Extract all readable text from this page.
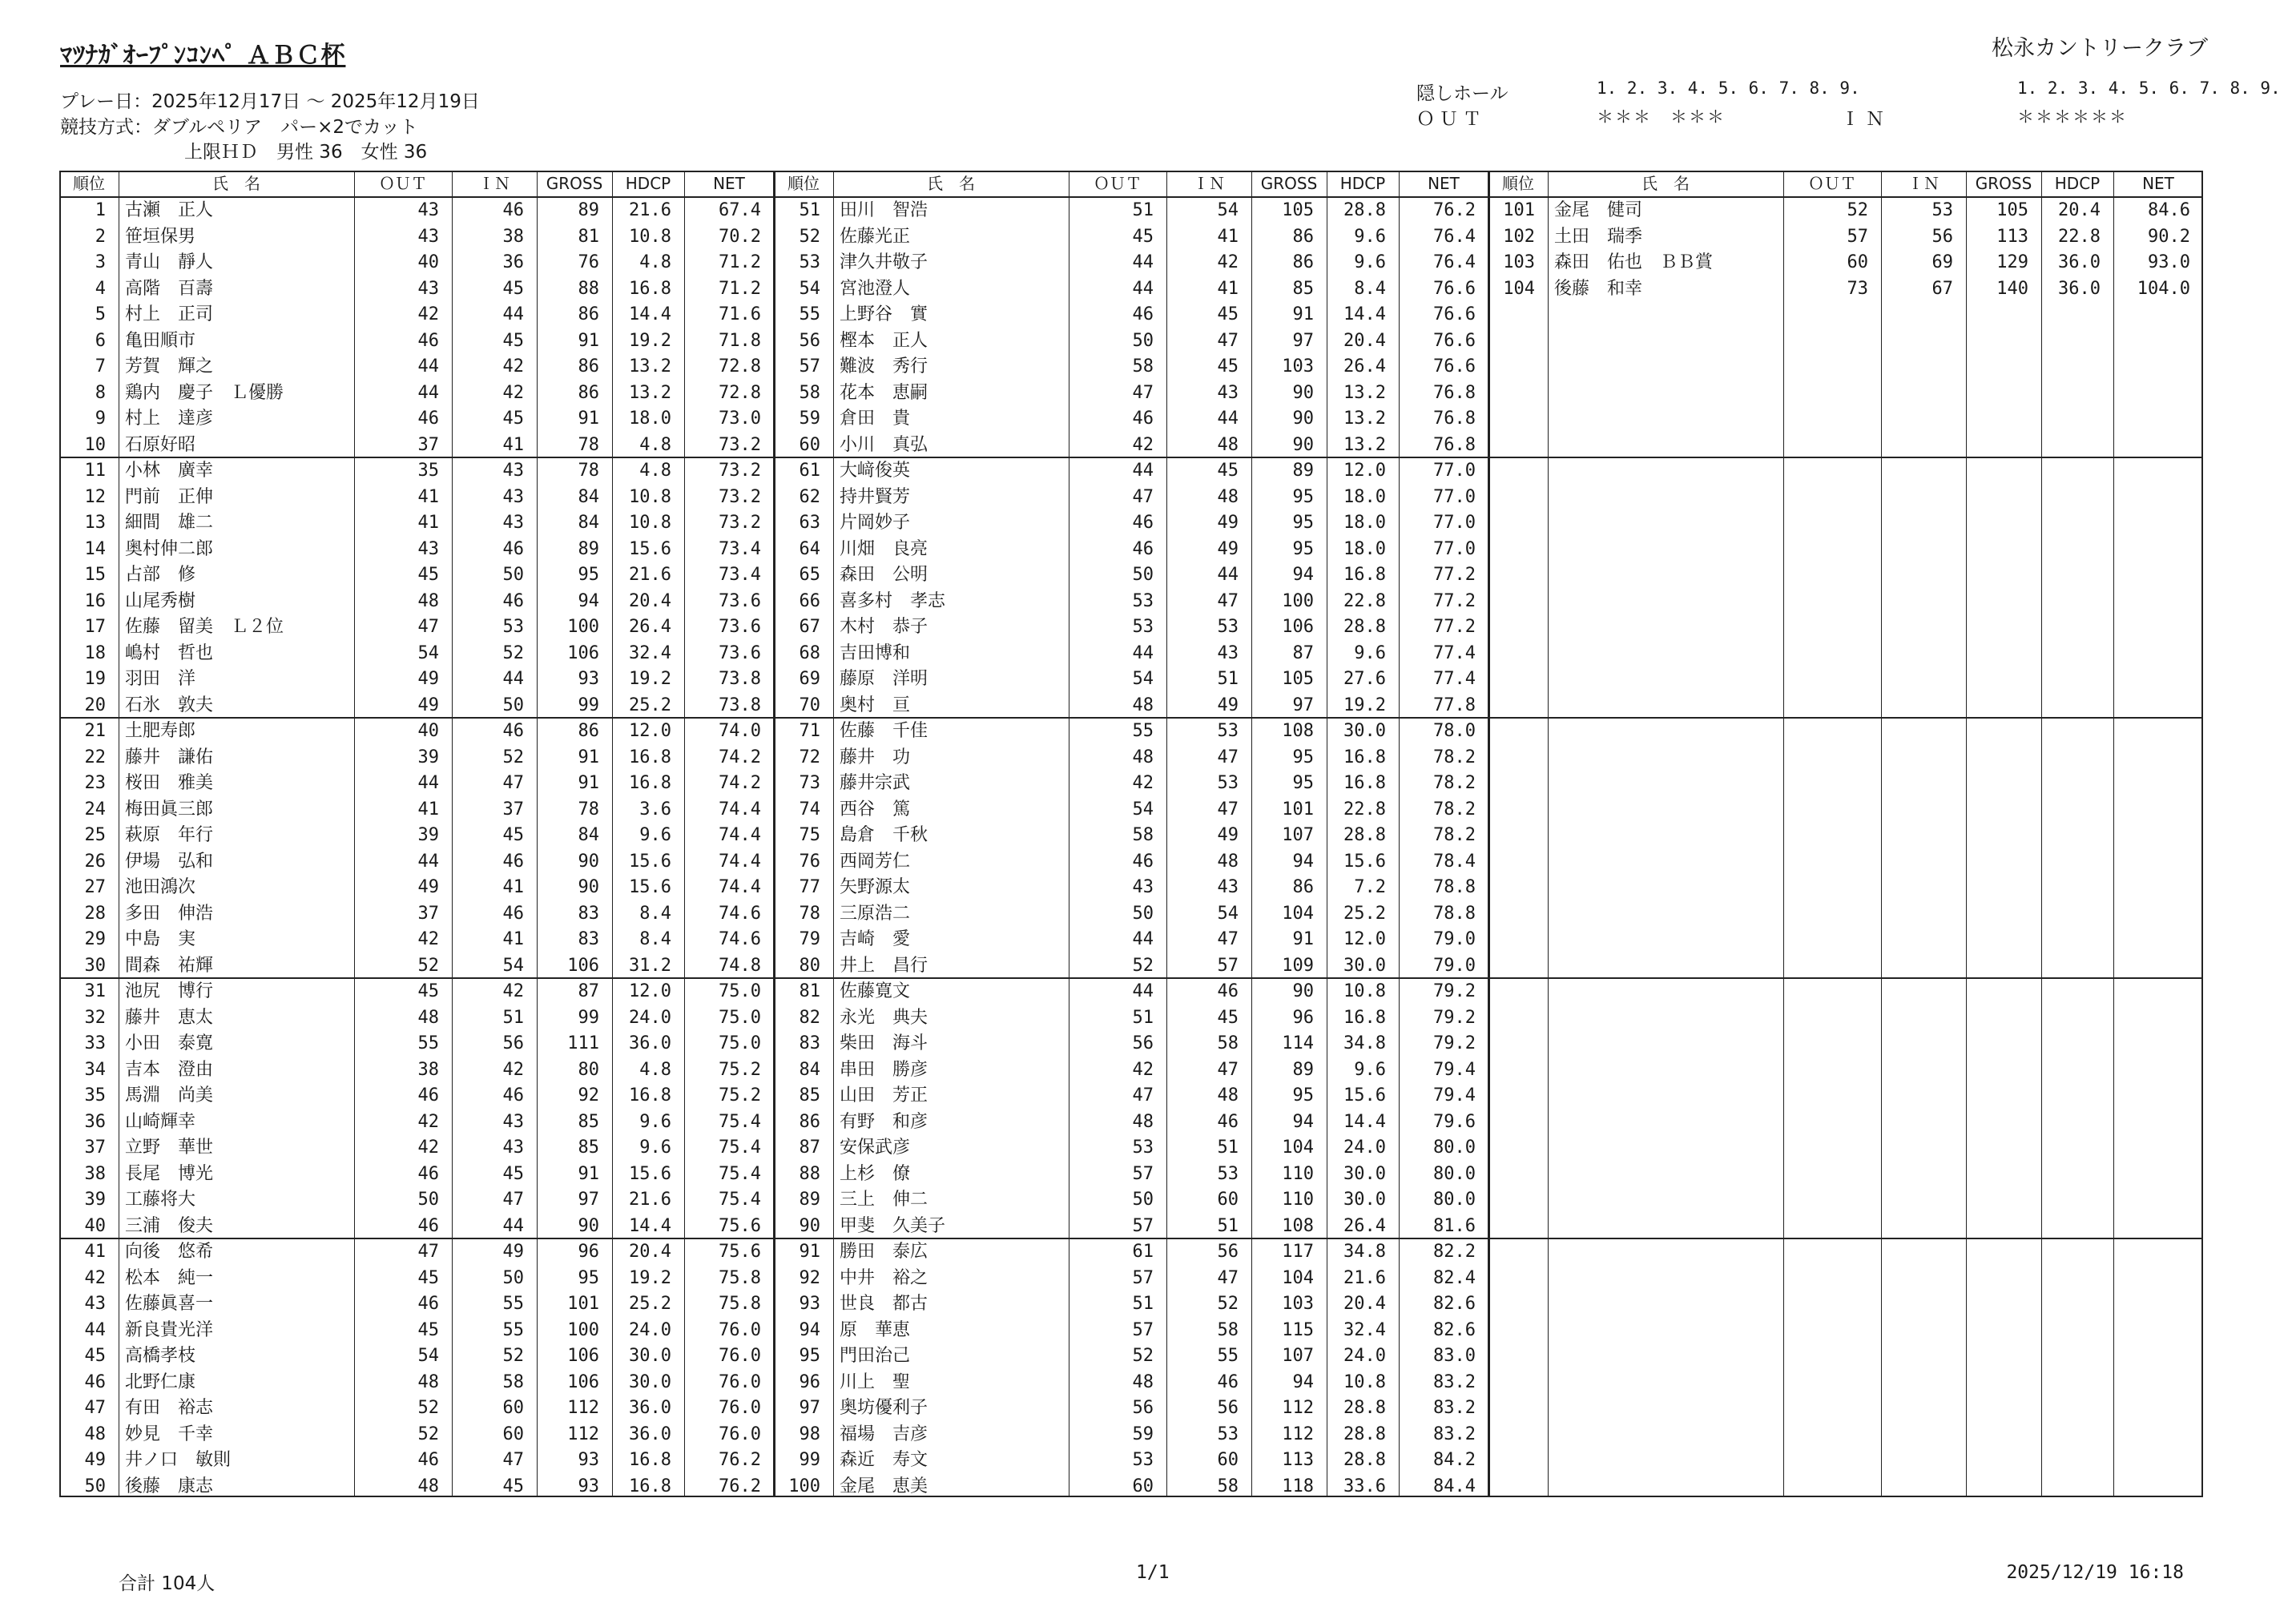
ﾏﾂﾅｶﾞｵｰﾌﾟﾝｺﾝﾍﾟ ＡＢＣ杯	松永カントリークラブ
プレー日：2025年12月17日 ～ 2025年12月19日
競技方式：ダブルペリア　パー×2でカット
上限ＨＤ　男性 36　女性 36
隠しホール
ＯＵＴ
1. 2. 3. 4. 5. 6. 7. 8. 9.
＊＊＊　＊＊＊	ＩＮ
1. 2. 3. 4. 5. 6. 7. 8. 9.
＊＊＊＊＊＊
順位	氏　名	ＯＵＴ	ＩＮ	GROSS	HDCP	NET	順位	氏　名	ＯＵＴ	ＩＮ	GROSS	HDCP	NET	順位	氏　名	ＯＵＴ	ＩＮ	GROSS	HDCP	NET
1 古瀬　正人	43	46	89	21.6	67.4
2 笹垣保男	43	38	81	10.8	70.2
3 青山　靜人	40	36	76	4.8	71.2
4 高階　百壽	43	45	88	16.8	71.2
5 村上　正司	42	44	86	14.4	71.6
6 亀田順市	46	45	91	19.2	71.8
7 芳賀　輝之	44	42	86	13.2	72.8
8 鶏内　慶子　Ｌ優勝	44	42	86	13.2	72.8
9 村上　達彦	46	45	91	18.0	73.0
10 石原好昭	37	41	78	4.8	73.2
11 小林　廣幸	35	43	78	4.8	73.2
12 門前　正伸	41	43	84	10.8	73.2
13 細間　雄二	41	43	84	10.8	73.2
14 奥村伸二郎	43	46	89	15.6	73.4
15 占部　修	45	50	95	21.6	73.4
16 山尾秀樹	48	46	94	20.4	73.6
17 佐藤　留美　Ｌ２位	47	53	100	26.4	73.6
18 嶋村　哲也	54	52	106	32.4	73.6
19 羽田　洋	49	44	93	19.2	73.8
20 石氷　敦夫	49	50	99	25.2	73.8
21 土肥寿郎	40	46	86	12.0	74.0
22 藤井　謙佑	39	52	91	16.8	74.2
23 桜田　雅美	44	47	91	16.8	74.2
24 梅田眞三郎	41	37	78	3.6	74.4
25 萩原　年行	39	45	84	9.6	74.4
26 伊場　弘和	44	46	90	15.6	74.4
27 池田鴻次	49	41	90	15.6	74.4
28 多田　伸浩	37	46	83	8.4	74.6
29 中島　実	42	41	83	8.4	74.6
30 間森　祐輝	52	54	106	31.2	74.8
31 池尻　博行	45	42	87	12.0	75.0
32 藤井　恵太	48	51	99	24.0	75.0
33 小田　泰寛	55	56	111	36.0	75.0
34 吉本　澄由	38	42	80	4.8	75.2
35 馬淵　尚美	46	46	92	16.8	75.2
36 山崎輝幸	42	43	85	9.6	75.4
37 立野　華世	42	43	85	9.6	75.4
38 長尾　博光	46	45	91	15.6	75.4
39 工藤将大	50	47	97	21.6	75.4
40 三浦　俊夫	46	44	90	14.4	75.6
41 向後　悠希	47	49	96	20.4	75.6
42 松本　純一	45	50	95	19.2	75.8
43 佐藤眞喜一	46	55	101	25.2	75.8
44 新良貴光洋	45	55	100	24.0	76.0
45 高橋孝枝	54	52	106	30.0	76.0
46 北野仁康	48	58	106	30.0	76.0
47 有田　裕志	52	60	112	36.0	76.0
48 妙見　千幸	52	60	112	36.0	76.0
49 井ノ口　敏則	46	47	93	16.8	76.2
50 後藤　康志	48	45	93	16.8	76.2
51 田川　智浩	51	54	105	28.8	76.2
52 佐藤光正	45	41	86	9.6	76.4
53 津久井敬子	44	42	86	9.6	76.4
54 宮池澄人	44	41	85	8.4	76.6
55 上野谷　實	46	45	91	14.4	76.6
56 樫本　正人	50	47	97	20.4	76.6
57 難波　秀行	58	45	103	26.4	76.6
58 花本　恵嗣	47	43	90	13.2	76.8
59 倉田　貴	46	44	90	13.2	76.8
60 小川　真弘	42	48	90	13.2	76.8
61 大﨑俊英	44	45	89	12.0	77.0
62 持井賢芳	47	48	95	18.0	77.0
63 片岡妙子	46	49	95	18.0	77.0
64 川畑　良亮	46	49	95	18.0	77.0
65 森田　公明	50	44	94	16.8	77.2
66 喜多村　孝志	53	47	100	22.8	77.2
67 木村　恭子	53	53	106	28.8	77.2
68 吉田博和	44	43	87	9.6	77.4
69 藤原　洋明	54	51	105	27.6	77.4
70 奥村　亘	48	49	97	19.2	77.8
71 佐藤　千佳	55	53	108	30.0	78.0
72 藤井　功	48	47	95	16.8	78.2
73 藤井宗武	42	53	95	16.8	78.2
74 西谷　篤	54	47	101	22.8	78.2
75 島倉　千秋	58	49	107	28.8	78.2
76 西岡芳仁	46	48	94	15.6	78.4
77 矢野源太	43	43	86	7.2	78.8
78 三原浩二	50	54	104	25.2	78.8
79 吉崎　愛	44	47	91	12.0	79.0
80 井上　昌行	52	57	109	30.0	79.0
81 佐藤寛文	44	46	90	10.8	79.2
82 永光　典夫	51	45	96	16.8	79.2
83 柴田　海斗	56	58	114	34.8	79.2
84 串田　勝彦	42	47	89	9.6	79.4
85 山田　芳正	47	48	95	15.6	79.4
86 有野　和彦	48	46	94	14.4	79.6
87 安保武彦	53	51	104	24.0	80.0
88 上杉　僚	57	53	110	30.0	80.0
89 三上　伸二	50	60	110	30.0	80.0
90 甲斐　久美子	57	51	108	26.4	81.6
91 勝田　泰広	61	56	117	34.8	82.2
92 中井　裕之	57	47	104	21.6	82.4
93 世良　都古	51	52	103	20.4	82.6
94 原　華恵	57	58	115	32.4	82.6
95 門田治己	52	55	107	24.0	83.0
96 川上　聖	48	46	94	10.8	83.2
97 奥坊優利子	56	56	112	28.8	83.2
98 福場　吉彦	59	53	112	28.8	83.2
99 森近　寿文	53	60	113	28.8	84.2
100 金尾　恵美	60	58	118	33.6	84.4
101 金尾　健司	52	53	105	20.4	84.6
102 土田　瑞季	57	56	113	22.8	90.2
103 森田　佑也　ＢＢ賞	60	69	129	36.0	93.0
104 後藤　和幸	73	67	140	36.0	104.0
合計 104人
1/1	2025/12/19 16:18
